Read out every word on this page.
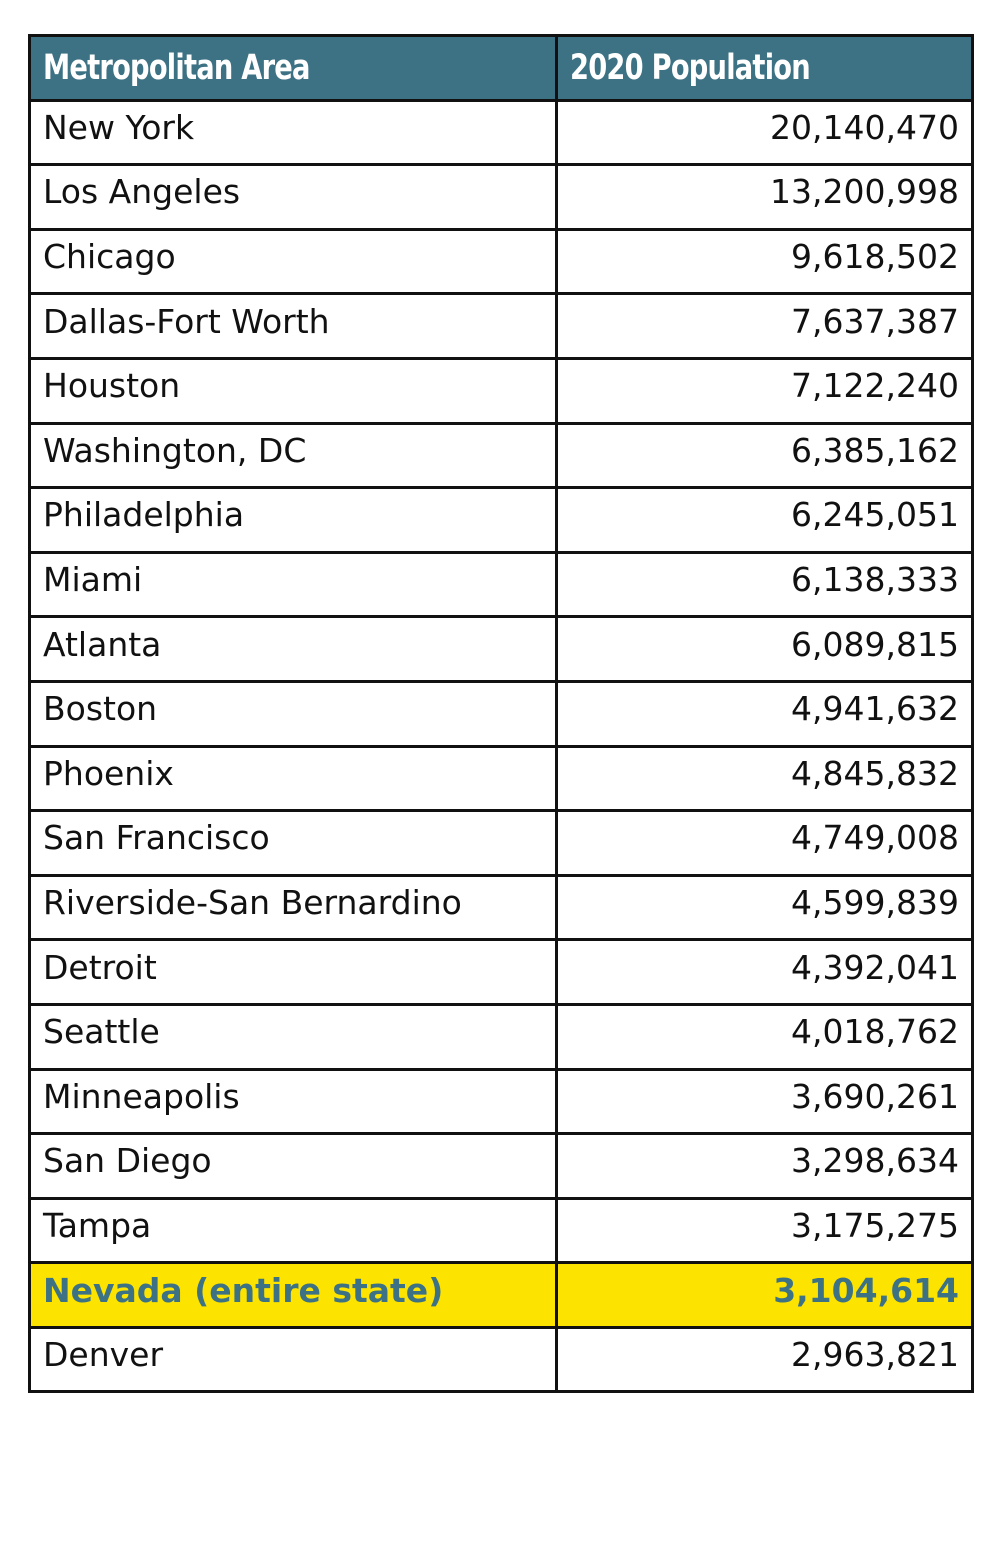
Metropolitan Area	2020 Population
New York	20,140,470
Los Angeles	13,200,998
Chicago	9,618,502
Dallas-Fort Worth	7,637,387
Houston	7,122,240
Washington, DC	6,385,162
Philadelphia	6,245,051
Miami	6,138,333
Atlanta	6,089,815
Boston	4,941,632
Phoenix	4,845,832
San Francisco	4,749,008
Riverside-San Bernardino	4,599,839
Detroit	4,392,041
Seattle	4,018,762
Minneapolis	3,690,261
San Diego	3,298,634
Tampa	3,175,275
Nevada (entire state)	3,104,614
Denver	2,963,821
